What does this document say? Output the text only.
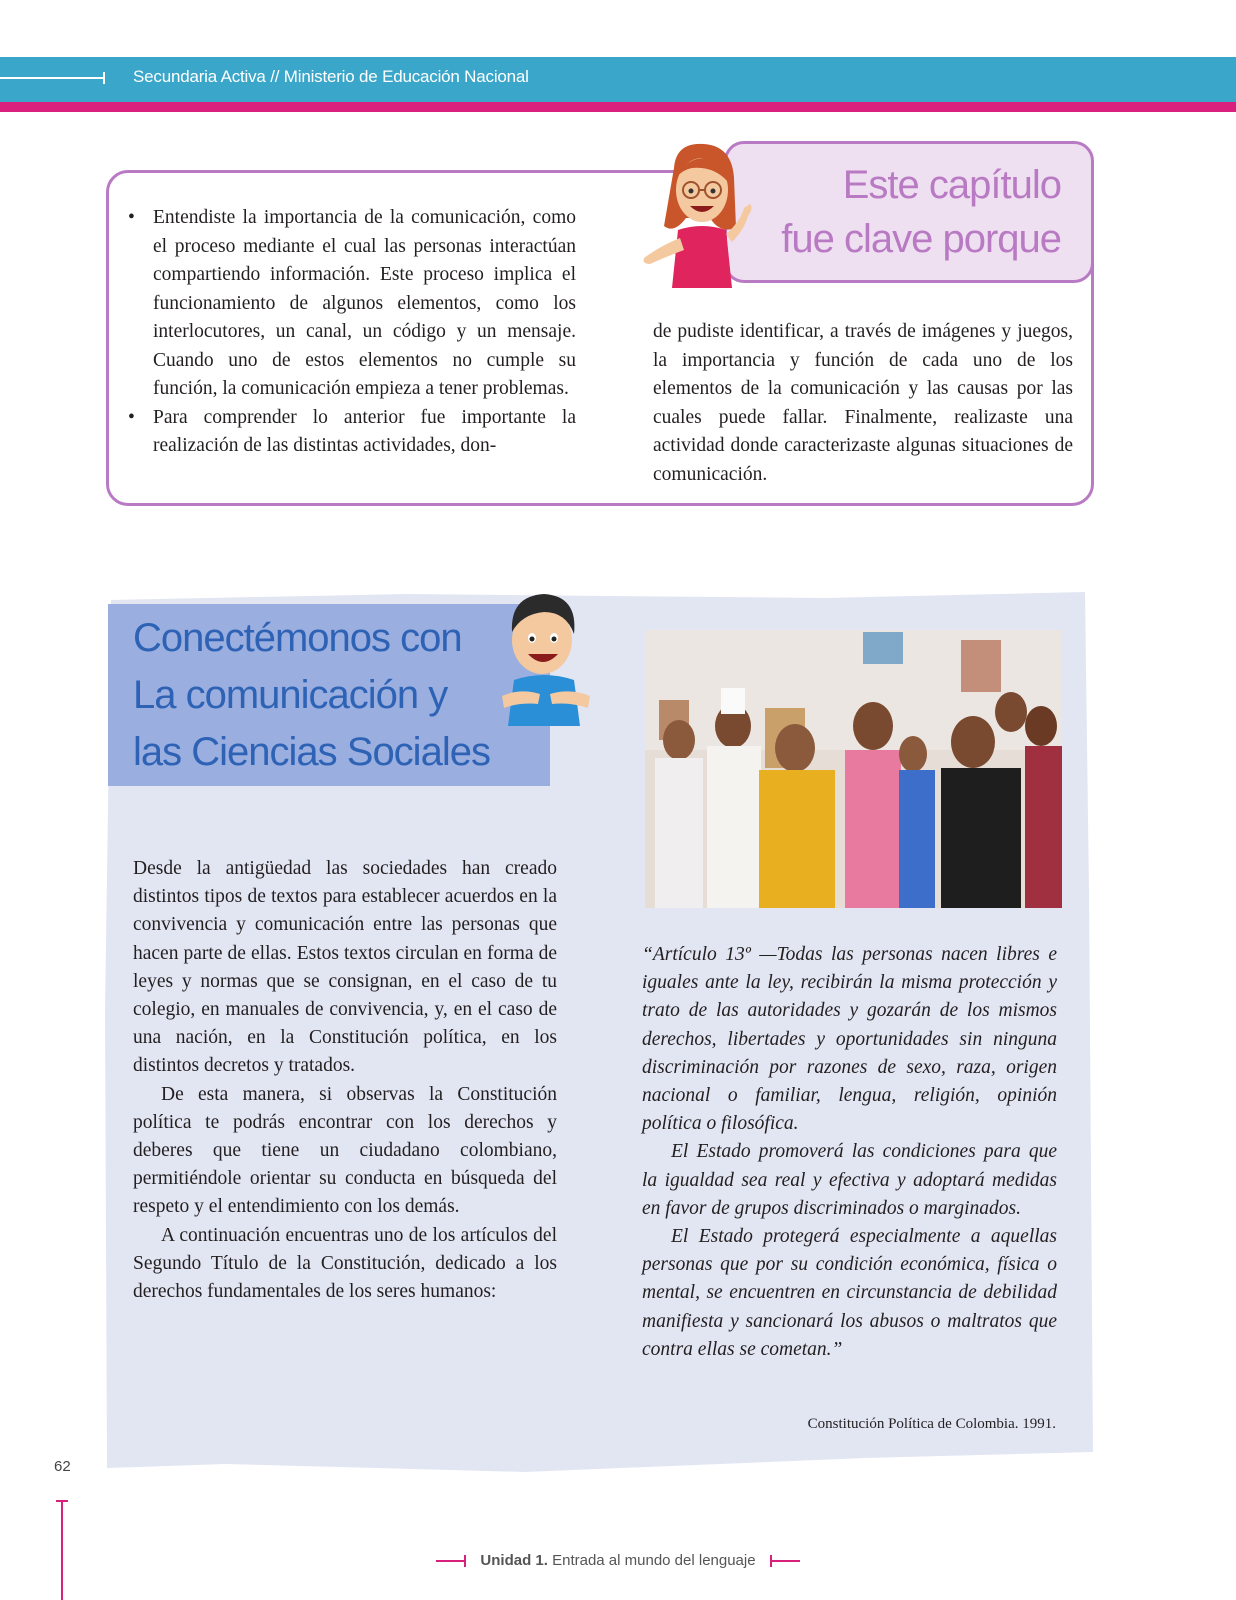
Secundaria Activa // Ministerio de Educación Nacional
Este capítulo
fue clave porque
• Entendiste la importancia de la comunicación, como el proceso mediante el cual las personas interactúan compartiendo información. Este proceso implica el funcionamiento de algunos elementos, como los interlocutores, un canal, un código y un mensaje. Cuando uno de estos elementos no cumple su función, la comunicación empieza a tener problemas.
• Para comprender lo anterior fue importante la realización de las distintas actividades, don-
de pudiste identificar, a través de imágenes y juegos, la importancia y función de cada uno de los elementos de la comunicación y las causas por las cuales puede fallar. Finalmente, realizaste una actividad donde caracterizaste algunas situaciones de comunicación.
Conectémonos con
La comunicación y
las Ciencias Sociales

Desde la antigüedad las sociedades han creado distintos tipos de textos para establecer acuerdos en la convivencia y comunicación entre las personas que hacen parte de ellas. Estos textos circulan en forma de leyes y normas que se consignan, en el caso de tu colegio, en manuales de convivencia, y, en el caso de una nación, en la Constitución política, en los distintos decretos y tratados.

De esta manera, si observas la Constitución política te podrás encontrar con los derechos y deberes que tiene un ciudadano colombiano, permitiéndole orientar su conducta en búsqueda del respeto y el entendimiento con los demás.

A continuación encuentras uno de los artículos del Segundo Título de la Constitución, dedicado a los derechos fundamentales de los seres humanos:

“Artículo 13º —Todas las personas nacen libres e iguales ante la ley, recibirán la misma protección y trato de las autoridades y gozarán de los mismos derechos, libertades y oportunidades sin ninguna discriminación por razones de sexo, raza, origen nacional o familiar, lengua, religión, opinión política o filosófica.

El Estado promoverá las condiciones para que la igualdad sea real y efectiva y adoptará medidas en favor de grupos discriminados o marginados.

El Estado protegerá especialmente a aquellas personas que por su condición económica, física o mental, se encuentren en circunstancia de debilidad manifiesta y sancionará los abusos o maltratos que contra ellas se cometan.”

Constitución Política de Colombia. 1991.
62
Unidad 1. Entrada al mundo del lenguaje
